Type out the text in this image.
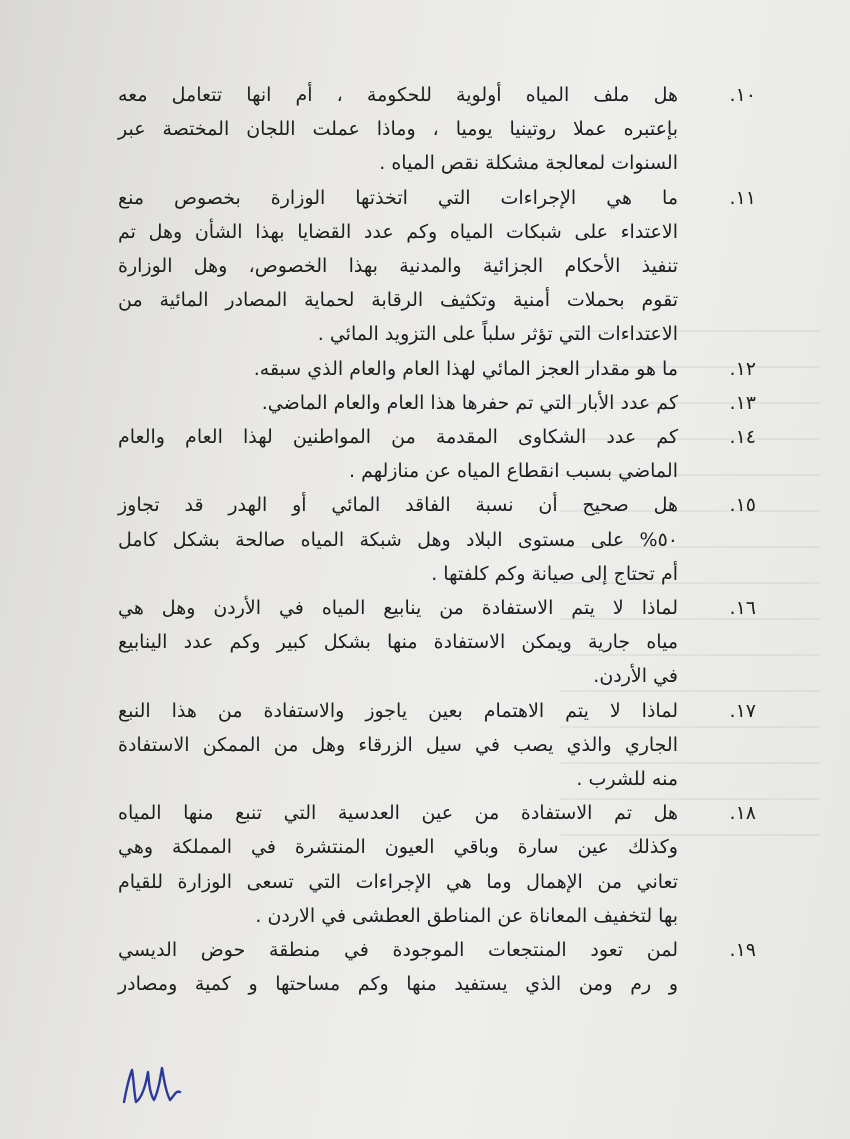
١٠.
هل ملف المياه أولوية للحكومة ، أم انها تتعامل معه
بإعتبره عملا روتينيا يوميا ، وماذا عملت اللجان المختصة عبر
السنوات لمعالجة مشكلة نقص المياه .
١١.
ما هي الإجراءات التي اتخذتها الوزارة بخصوص منع
الاعتداء على شبكات المياه وكم عدد القضايا بهذا الشأن وهل تم
تنفيذ الأحكام الجزائية والمدنية بهذا الخصوص، وهل الوزارة
تقوم بحملات أمنية وتكثيف الرقابة لحماية المصادر المائية من
الاعتداءات التي تؤثر سلباً على التزويد المائي .
١٢.
ما هو مقدار العجز المائي لهذا العام والعام الذي سبقه.
١٣.
كم عدد الأبار التي تم حفرها هذا العام والعام الماضي.
١٤.
كم عدد الشكاوى المقدمة من المواطنين لهذا العام والعام
الماضي بسبب انقطاع المياه عن منازلهم .
١٥.
هل صحيح أن نسبة الفاقد المائي أو الهدر قد تجاوز
٥٠% على مستوى البلاد وهل شبكة المياه صالحة بشكل كامل
أم تحتاج إلى صيانة وكم كلفتها .
١٦.
لماذا لا يتم الاستفادة من ينابيع المياه في الأردن وهل هي
مياه جارية ويمكن الاستفادة منها بشكل كبير وكم عدد الينابيع
في الأردن.
١٧.
لماذا لا يتم الاهتمام بعين ياجوز والاستفادة من هذا النبع
الجاري والذي يصب في سيل الزرقاء وهل من الممكن الاستفادة
منه للشرب .
١٨.
هل تم الاستفادة من عين العدسية التي تنبع منها المياه
وكذلك عين سارة وباقي العيون المنتشرة في المملكة وهي
تعاني من الإهمال وما هي الإجراءات التي تسعى الوزارة للقيام
بها لتخفيف المعاناة عن المناطق العطشى في الاردن .
١٩.
لمن تعود المنتجعات الموجودة في منطقة حوض الديسي
و رم ومن الذي يستفيد منها وكم مساحتها و كمية ومصادر
